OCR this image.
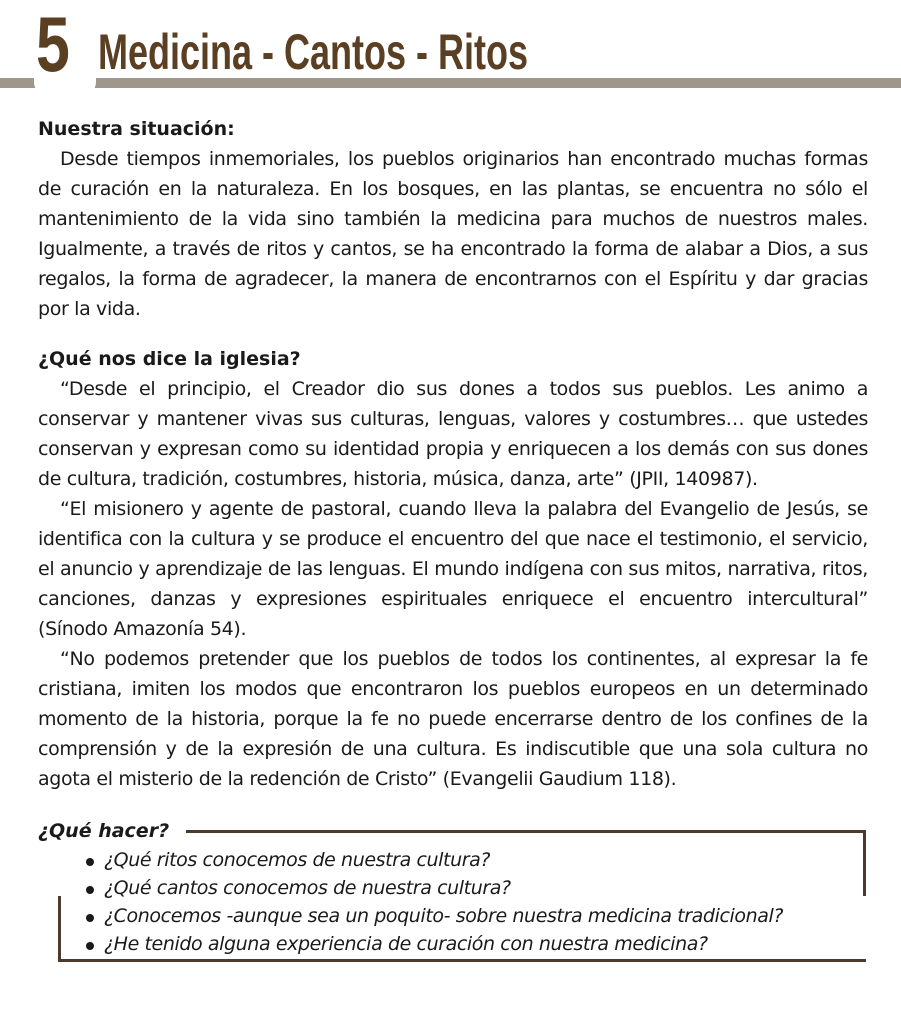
5 Medicina - Cantos - Ritos
Nuestra situación:

Desde tiempos inmemoriales, los pueblos originarios han encontrado muchas formas de curación en la naturaleza. En los bosques, en las plantas, se encuentra no sólo el mantenimiento de la vida sino también la medicina para muchos de nuestros males. Igualmente, a través de ritos y cantos, se ha encontrado la forma de alabar a Dios, a sus regalos, la forma de agradecer, la manera de encontrarnos con el Espíritu y dar gracias por la vida.

¿Qué nos dice la iglesia?

“Desde el principio, el Creador dio sus dones a todos sus pueblos. Les animo a conservar y mantener vivas sus culturas, lenguas, valores y costumbres… que ustedes conservan y expresan como su identidad propia y enriquecen a los demás con sus dones de cultura, tradición, costumbres, historia, música, danza, arte” (JPII, 140987).

“El misionero y agente de pastoral, cuando lleva la palabra del Evangelio de Jesús, se identifica con la cultura y se produce el encuentro del que nace el testimonio, el servicio, el anuncio y aprendizaje de las lenguas. El mundo indígena con sus mitos, narrativa, ritos, canciones, danzas y expresiones espirituales enriquece el encuentro intercultural” (Sínodo Amazonía 54).

“No podemos pretender que los pueblos de todos los continentes, al expresar la fe cristiana, imiten los modos que encontraron los pueblos europeos en un determinado momento de la historia, porque la fe no puede encerrarse dentro de los confines de la comprensión y de la expresión de una cultura. Es indiscutible que una sola cultura no agota el misterio de la redención de Cristo” (Evangelii Gaudium 118).

¿Qué hacer?
¿Qué ritos conocemos de nuestra cultura?
¿Qué cantos conocemos de nuestra cultura?
¿Conocemos -aunque sea un poquito- sobre nuestra medicina tradicional?
¿He tenido alguna experiencia de curación con nuestra medicina?
